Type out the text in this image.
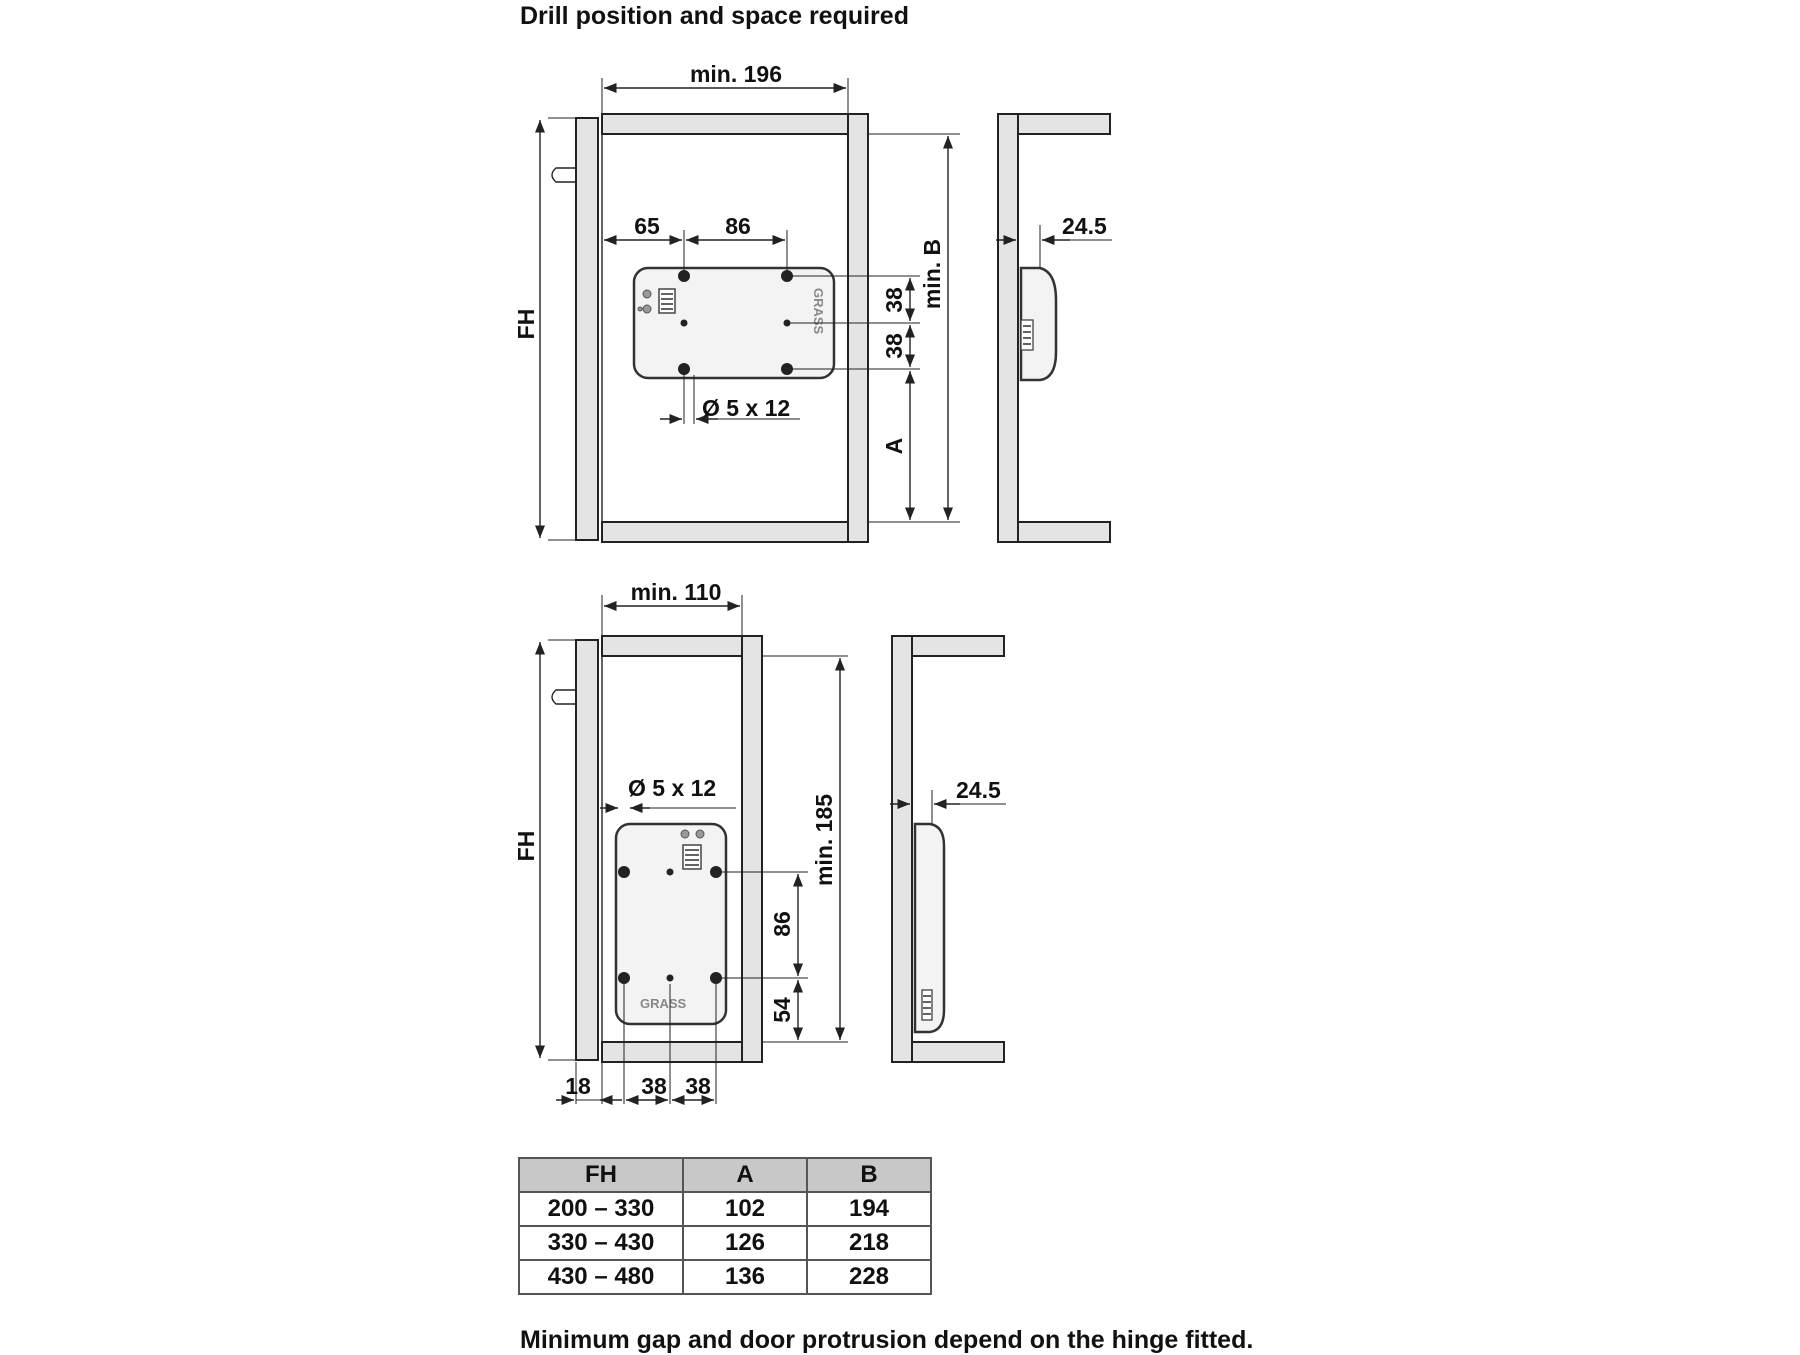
Drill position and space required
GRASS
min. 196
FH
65	86
38
38
A
min. B
Ø 5 x 12
24.5
GRASS
min. 110
FH	min. 185
86
54
Ø 5 x 12
18 38 38
24.5
FH	A	B
200 – 330	102	194
330 – 430	126	218
430 – 480	136	228
Minimum gap and door protrusion depend on the hinge fitted.
